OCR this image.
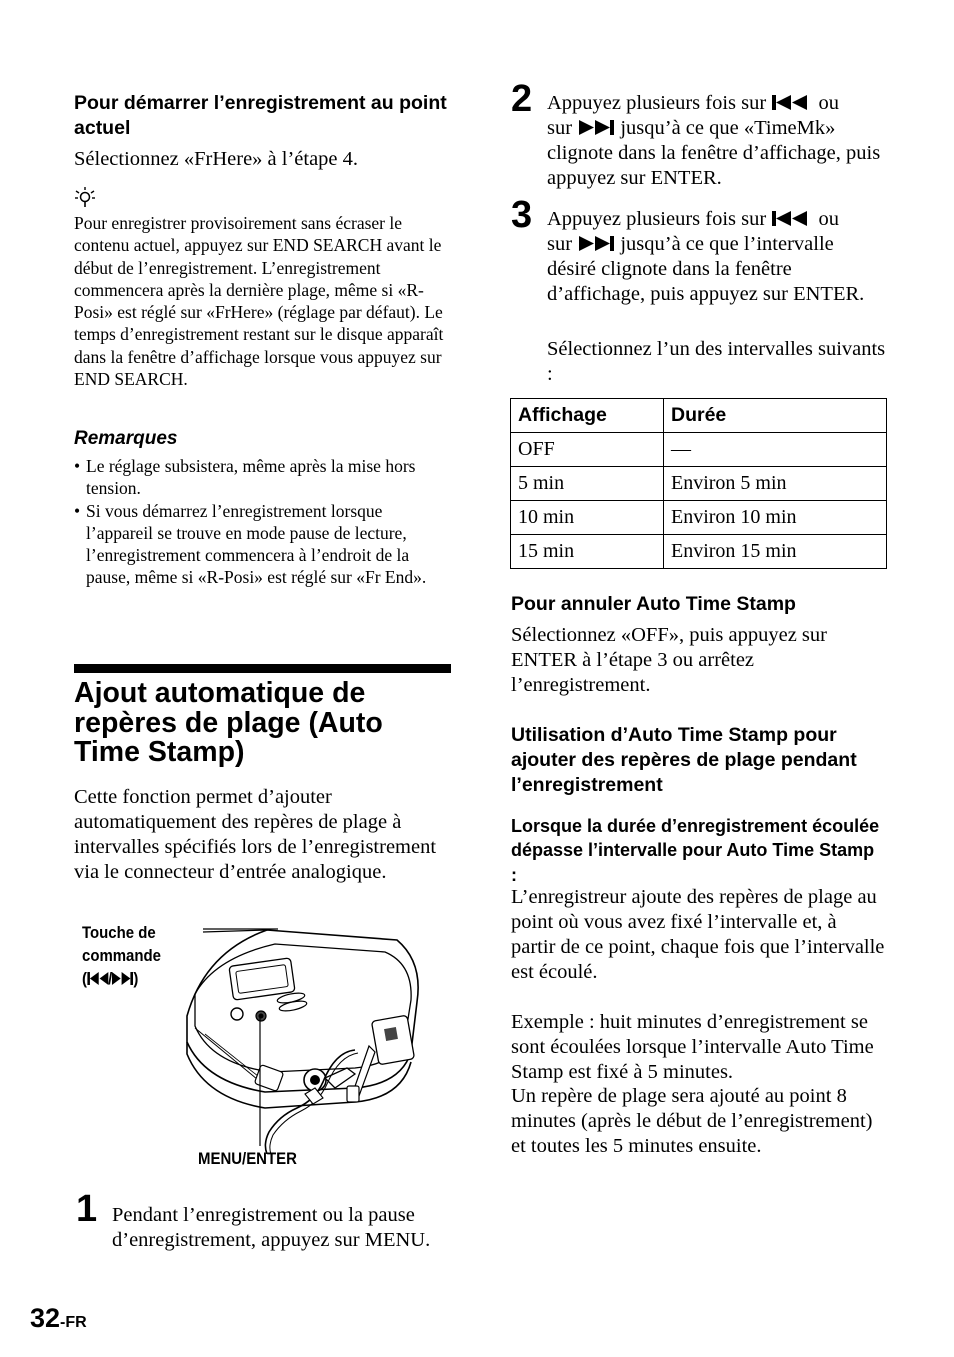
Pour démarrer l’enregistrement au point actuel
Sélectionnez «FrHere» à l’étape 4.
Pour enregistrer provisoirement sans écraser le contenu actuel, appuyez sur END SEARCH avant le début de l’enregistrement. L’enregistrement commencera après la dernière plage, même si «R-Posi» est réglé sur «FrHere» (réglage par défaut). Le temps d’enregistrement restant sur le disque apparaît dans la fenêtre d’affichage lorsque vous appuyez sur END SEARCH.
Remarques
• Le réglage subsistera, même après la mise hors tension.
• Si vous démarrez l’enregistrement lorsque l’appareil se trouve en mode pause de lecture, l’enregistrement commencera à l’endroit de la pause, même si «R-Posi» est réglé sur «Fr End».
Ajout automatique de repères de plage (Auto Time Stamp)
Cette fonction permet d’ajouter automatiquement des repères de plage à intervalles spécifiés lors de l’enregistrement via le connecteur d’entrée analogique.
Touche de
commande
( / )
MENU/ENTER
1 Pendant l’enregistrement ou la pause d’enregistrement, appuyez sur MENU.
2 Appuyez plusieurs fois sur	ou
sur jusqu’à ce que «TimeMk» clignote dans la fenêtre d’affichage, puis appuyez sur ENTER.
3 Appuyez plusieurs fois sur	ou
sur jusqu’à ce que l’intervalle désiré clignote dans la fenêtre d’affichage, puis appuyez sur ENTER.
Sélectionnez l’un des intervalles suivants :
Affichage	Durée
OFF	—
5 min	Environ 5 min
10 min	Environ 10 min
15 min	Environ 15 min
Pour annuler Auto Time Stamp
Sélectionnez «OFF», puis appuyez sur ENTER à l’étape 3 ou arrêtez l’enregistrement.
Utilisation d’Auto Time Stamp pour ajouter des repères de plage pendant l’enregistrement
Lorsque la durée d’enregistrement écoulée dépasse l’intervalle pour Auto Time Stamp :
L’enregistreur ajoute des repères de plage au point où vous avez fixé l’intervalle et, à partir de ce point, chaque fois que l’intervalle est écoulé.
Exemple : huit minutes d’enregistrement se sont écoulées lorsque l’intervalle Auto Time Stamp est fixé à 5 minutes.
Un repère de plage sera ajouté au point 8 minutes (après le début de l’enregistrement) et toutes les 5 minutes ensuite.
32-FR
